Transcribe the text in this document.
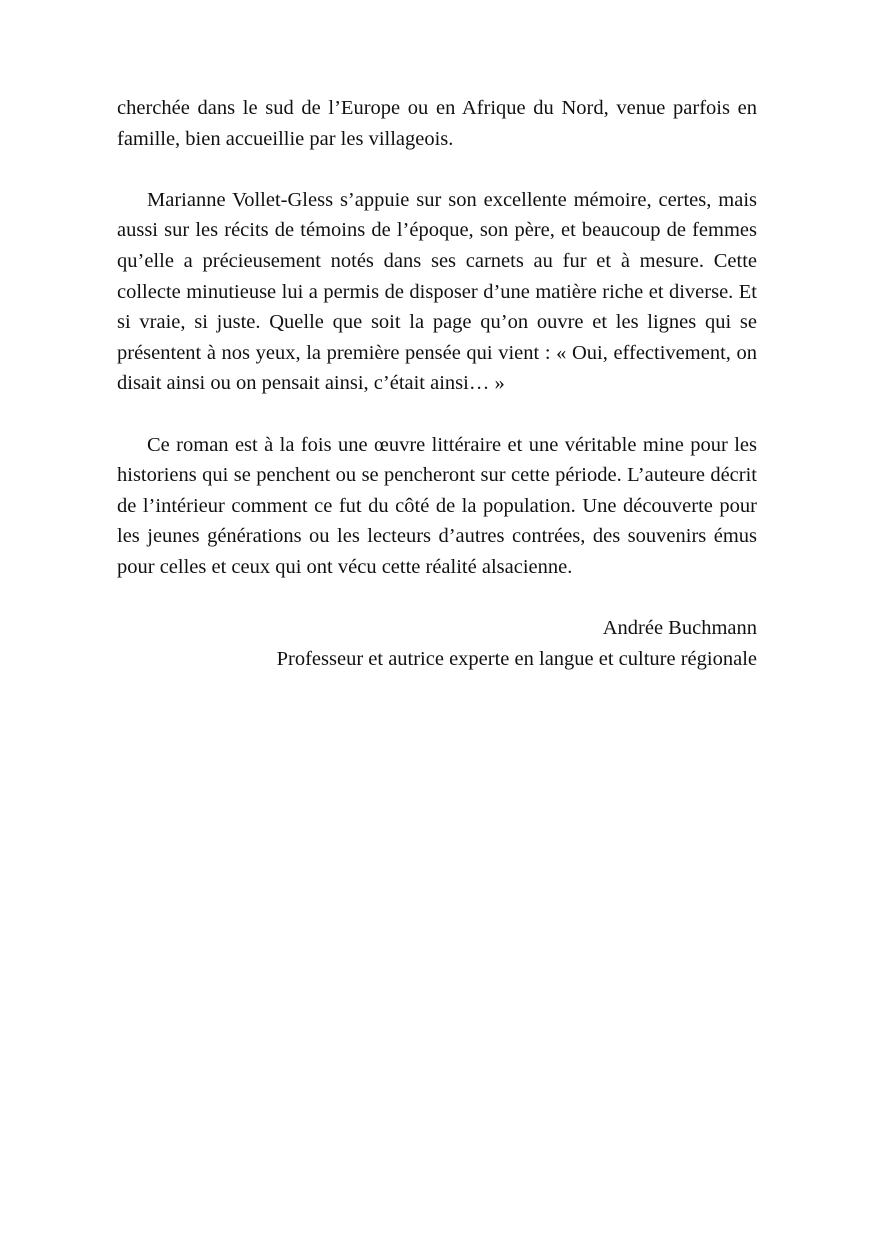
cherchée dans le sud de l’Europe ou en Afrique du Nord, venue parfois en famille, bien accueillie par les villageois.

Marianne Vollet-Gless s’appuie sur son excellente mémoire, certes, mais aussi sur les récits de témoins de l’époque, son père, et beaucoup de femmes qu’elle a précieusement notés dans ses carnets au fur et à mesure. Cette collecte minutieuse lui a permis de disposer d’une matière riche et diverse. Et si vraie, si juste. Quelle que soit la page qu’on ouvre et les lignes qui se présentent à nos yeux, la première pensée qui vient : « Oui, effectivement, on disait ainsi ou on pensait ainsi, c’était ainsi… »

Ce roman est à la fois une œuvre littéraire et une véritable mine pour les historiens qui se penchent ou se pencheront sur cette période. L’auteure décrit de l’intérieur comment ce fut du côté de la population. Une découverte pour les jeunes générations ou les lecteurs d’autres contrées, des souvenirs émus pour celles et ceux qui ont vécu cette réalité alsacienne.

Andrée Buchmann
Professeur et autrice experte en langue et culture régionale
